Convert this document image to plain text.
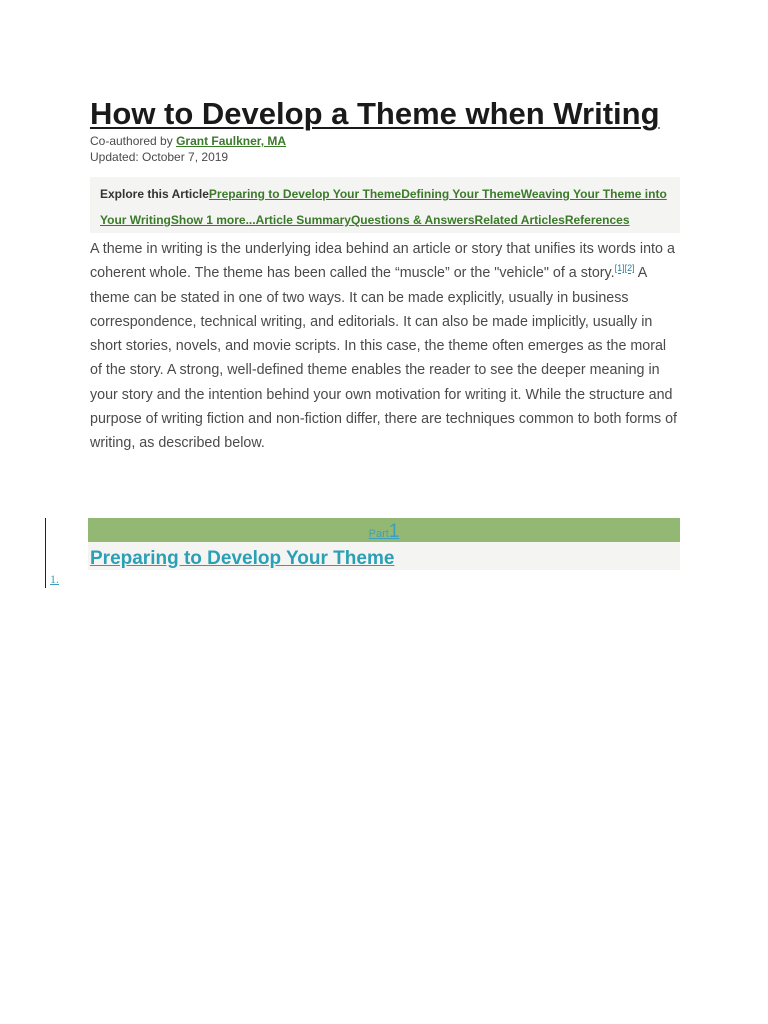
How to Develop a Theme when Writing
Co-authored by Grant Faulkner, MA
Updated: October 7, 2019
Explore this ArticlePreparing to Develop Your ThemeDefining Your ThemeWeaving Your Theme into Your WritingShow 1 more...Article SummaryQuestions & AnswersRelated ArticlesReferences
A theme in writing is the underlying idea behind an article or story that unifies its words into a coherent whole. The theme has been called the “muscle” or the "vehicle" of a story.[1][2] A theme can be stated in one of two ways. It can be made explicitly, usually in business correspondence, technical writing, and editorials. It can also be made implicitly, usually in short stories, novels, and movie scripts. In this case, the theme often emerges as the moral of the story. A strong, well-defined theme enables the reader to see the deeper meaning in your story and the intention behind your own motivation for writing it. While the structure and purpose of writing fiction and non-fiction differ, there are techniques common to both forms of writing, as described below.
Part1
Preparing to Develop Your Theme
1.
